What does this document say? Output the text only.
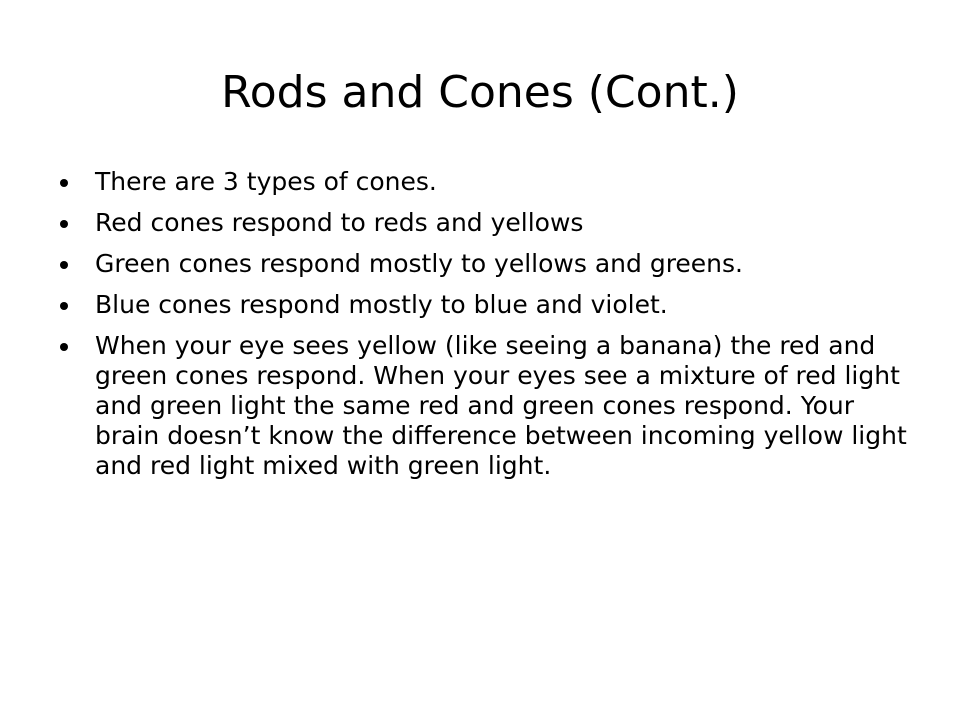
Rods and Cones (Cont.)
There are 3 types of cones.
Red cones respond to reds and yellows
Green cones respond mostly to yellows and greens.
Blue cones respond mostly to blue and violet.
When your eye sees yellow (like seeing a banana) the red and green cones respond. When your eyes see a mixture of red light and green light the same red and green cones respond. Your brain doesn’t know the difference between incoming yellow light and red light mixed with green light.
